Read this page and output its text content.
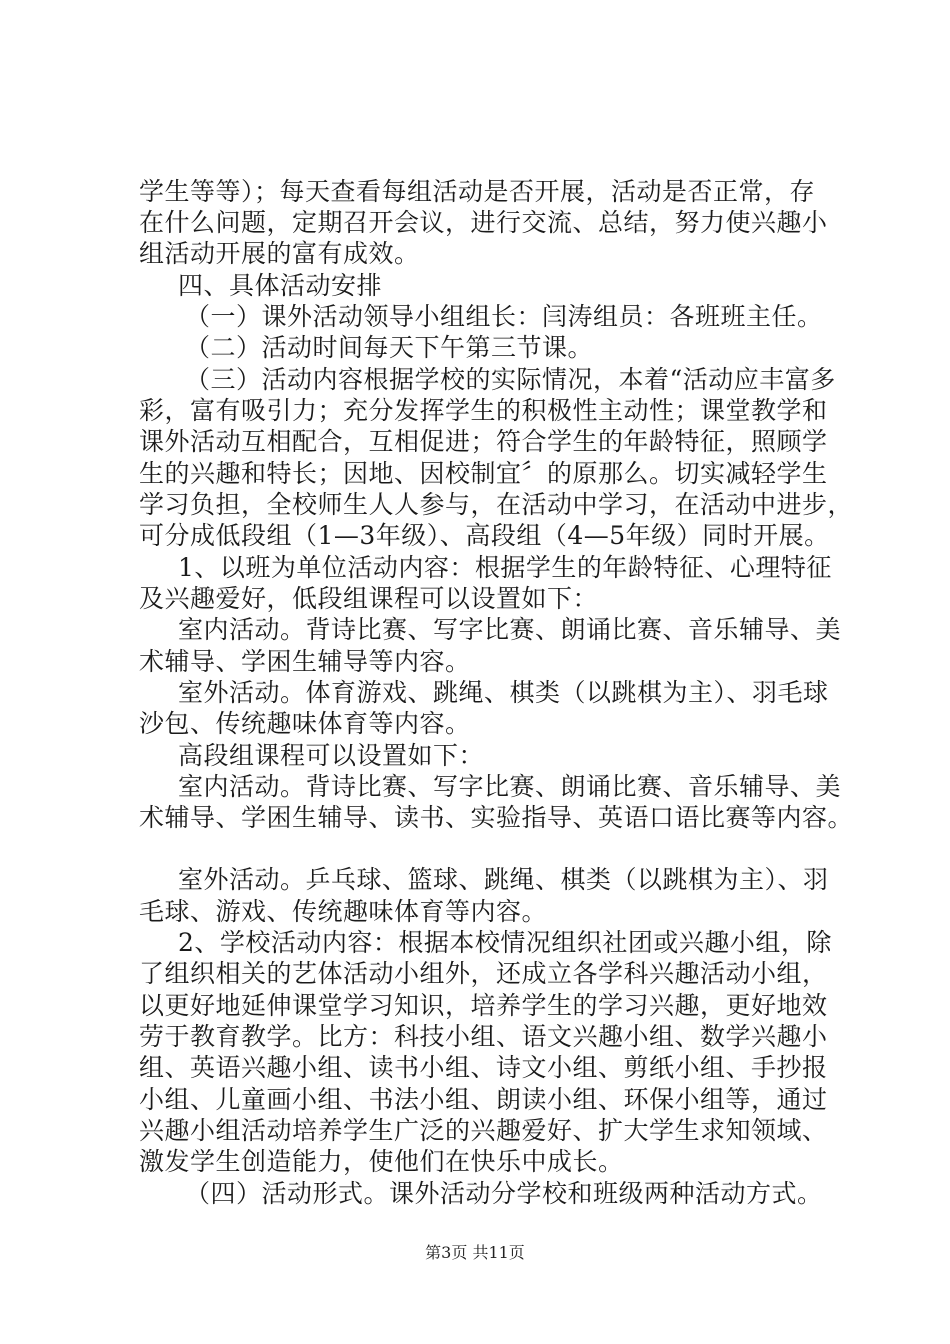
学生等等）；每天查看每组活动是否开展，活动是否正常，存
在什么问题，定期召开会议，进行交流、总结，努力使兴趣小
组活动开展的富有成效。
四、具体活动安排
（一）课外活动领导小组组长：闫涛组员：各班班主任。
（二）活动时间每天下午第三节课。
（三）活动内容根据学校的实际情况，本着“活动应丰富多
彩，富有吸引力；充分发挥学生的积极性主动性；课堂教学和
课外活动互相配合，互相促进；符合学生的年龄特征，照顾学
生的兴趣和特长；因地、因校制宜〞的原那么。切实减轻学生
学习负担，全校师生人人参与，在活动中学习，在活动中进步，
可分成低段组（1—3年级）、高段组（4—5年级）同时开展。
1、以班为单位活动内容：根据学生的年龄特征、心理特征
及兴趣爱好，低段组课程可以设置如下：
室内活动。背诗比赛、写字比赛、朗诵比赛、音乐辅导、美
术辅导、学困生辅导等内容。
室外活动。体育游戏、跳绳、棋类（以跳棋为主）、羽毛球
沙包、传统趣味体育等内容。
高段组课程可以设置如下：
室内活动。背诗比赛、写字比赛、朗诵比赛、音乐辅导、美
术辅导、学困生辅导、读书、实验指导、英语口语比赛等内容。
室外活动。乒乓球、篮球、跳绳、棋类（以跳棋为主）、羽
毛球、游戏、传统趣味体育等内容。
2、学校活动内容：根据本校情况组织社团或兴趣小组，除
了组织相关的艺体活动小组外，还成立各学科兴趣活动小组，
以更好地延伸课堂学习知识，培养学生的学习兴趣，更好地效
劳于教育教学。比方：科技小组、语文兴趣小组、数学兴趣小
组、英语兴趣小组、读书小组、诗文小组、剪纸小组、手抄报
小组、儿童画小组、书法小组、朗读小组、环保小组等，通过
兴趣小组活动培养学生广泛的兴趣爱好、扩大学生求知领域、
激发学生创造能力，使他们在快乐中成长。
（四）活动形式。课外活动分学校和班级两种活动方式。
第3页 共11页
